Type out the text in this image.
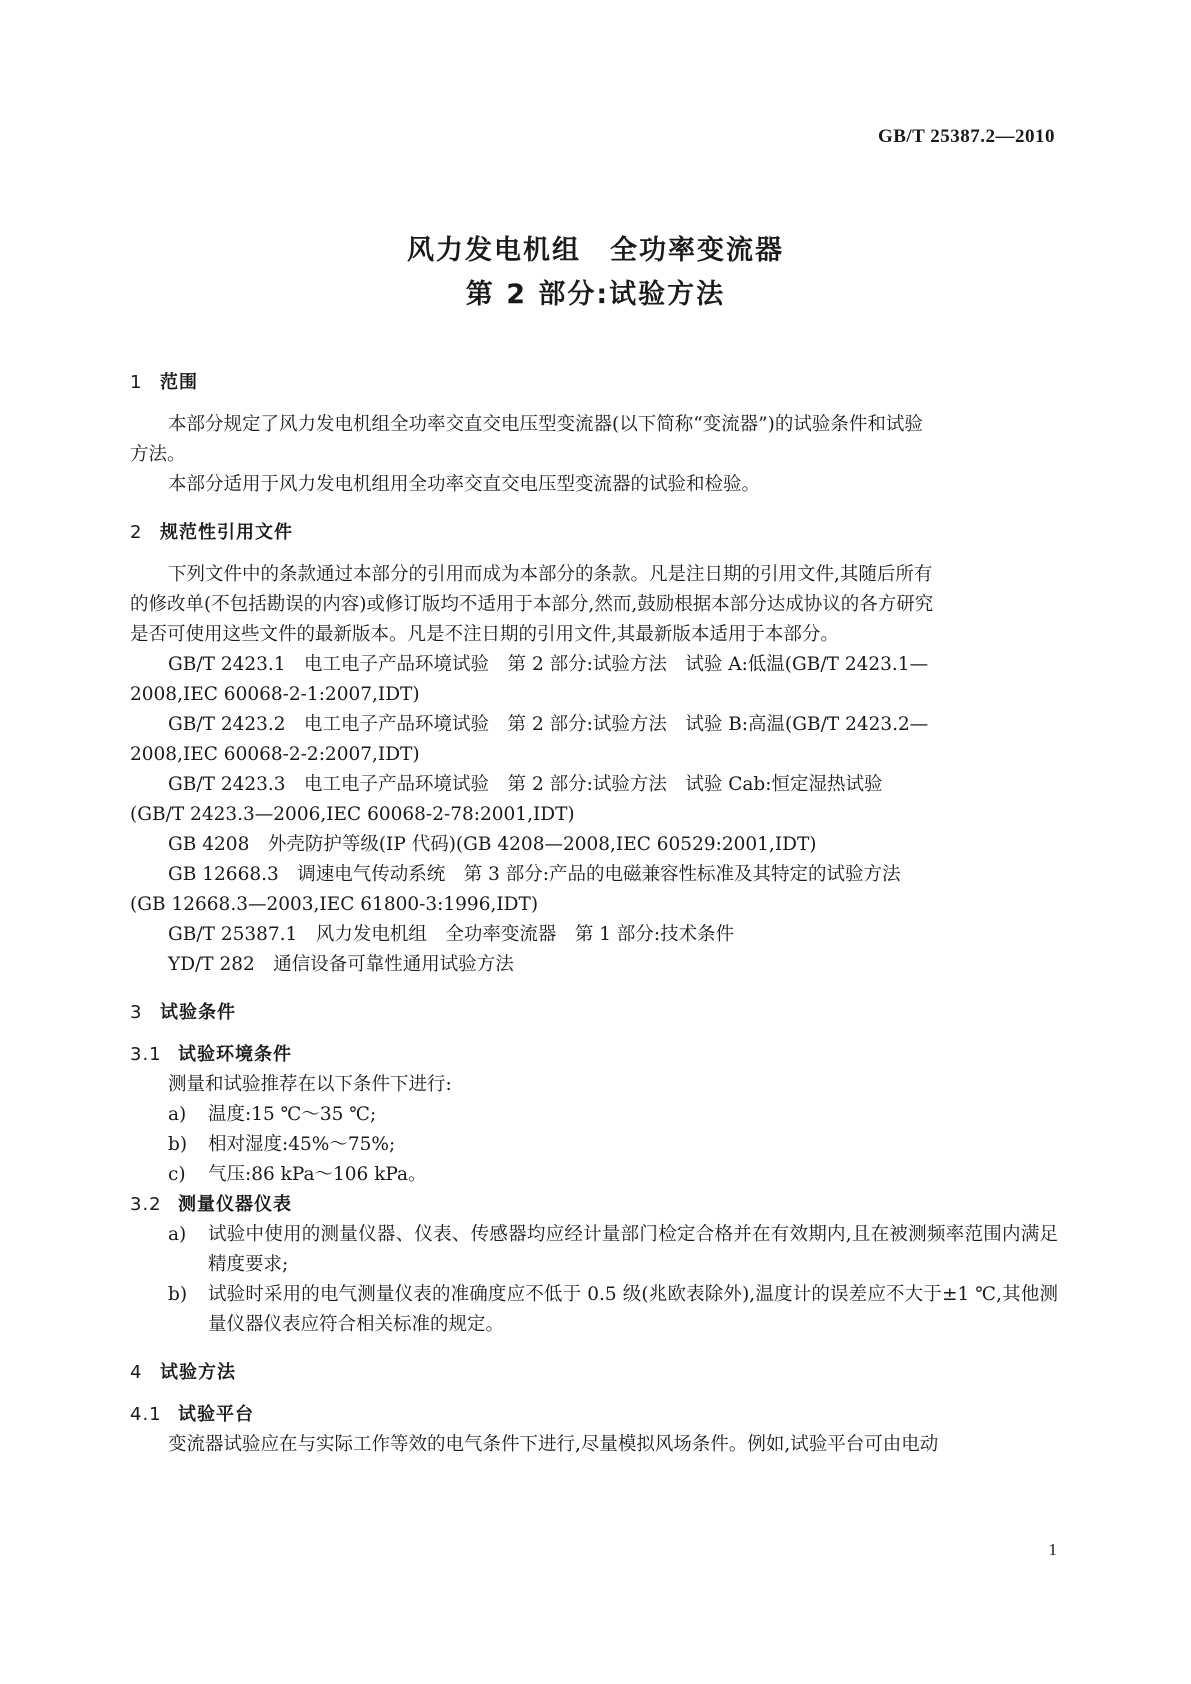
GB/T 25387.2—2010
风力发电机组　全功率变流器
第 2 部分:试验方法
1 范围

本部分规定了风力发电机组全功率交直交电压型变流器(以下简称“变流器”)的试验条件和试验

方法。

本部分适用于风力发电机组用全功率交直交电压型变流器的试验和检验。

2 规范性引用文件

下列文件中的条款通过本部分的引用而成为本部分的条款。凡是注日期的引用文件,其随后所有

的修改单(不包括勘误的内容)或修订版均不适用于本部分,然而,鼓励根据本部分达成协议的各方研究

是否可使用这些文件的最新版本。凡是不注日期的引用文件,其最新版本适用于本部分。

GB/T 2423.1　电工电子产品环境试验　第 2 部分:试验方法　试验 A:低温(GB/T 2423.1—

2008,IEC 60068-2-1:2007,IDT)

GB/T 2423.2　电工电子产品环境试验　第 2 部分:试验方法　试验 B:高温(GB/T 2423.2—

2008,IEC 60068-2-2:2007,IDT)

GB/T 2423.3　电工电子产品环境试验　第 2 部分:试验方法　试验 Cab:恒定湿热试验

(GB/T 2423.3—2006,IEC 60068-2-78:2001,IDT)

GB 4208　外壳防护等级(IP 代码)(GB 4208—2008,IEC 60529:2001,IDT)

GB 12668.3　调速电气传动系统　第 3 部分:产品的电磁兼容性标准及其特定的试验方法

(GB 12668.3—2003,IEC 61800-3:1996,IDT)

GB/T 25387.1　风力发电机组　全功率变流器　第 1 部分:技术条件

YD/T 282　通信设备可靠性通用试验方法

3 试验条件
3.1 试验环境条件

测量和试验推荐在以下条件下进行:

a)	温度:15 ℃～35 ℃;
b)	相对湿度:45%～75%;
c)	气压:86 kPa～106 kPa。
3.2 测量仪器仪表
a)	试验中使用的测量仪器、仪表、传感器均应经计量部门检定合格并在有效期内,且在被测频率范围内满足精度要求;
b)	试验时采用的电气测量仪表的准确度应不低于 0.5 级(兆欧表除外),温度计的误差应不大于±1 ℃,其他测量仪器仪表应符合相关标准的规定。
4 试验方法
4.1 试验平台

变流器试验应在与实际工作等效的电气条件下进行,尽量模拟风场条件。例如,试验平台可由电动

1
